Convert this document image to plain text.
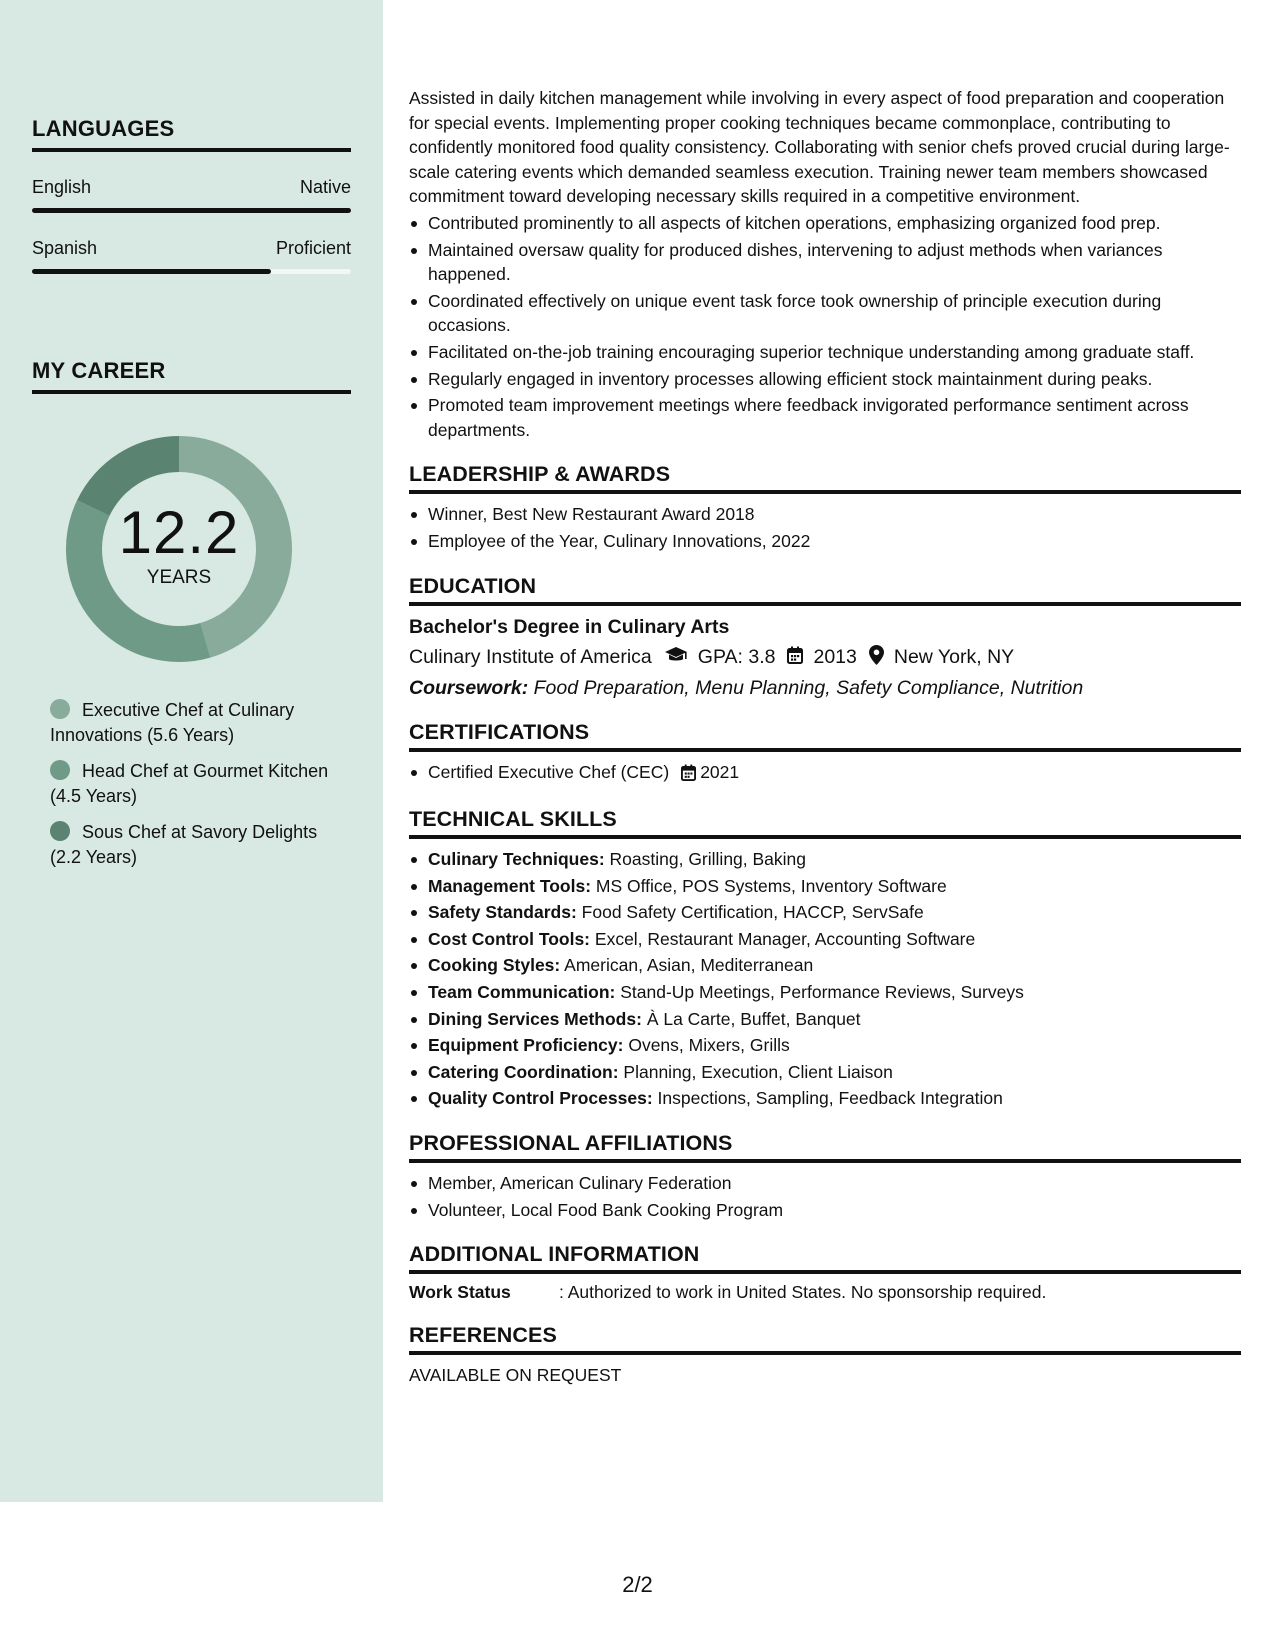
LANGUAGES
English	Native
Spanish	Proficient
MY CAREER
12.2
YEARS
Executive Chef at Culinary Innovations (5.6 Years)
Head Chef at Gourmet Kitchen (4.5 Years)
Sous Chef at Savory Delights (2.2 Years)

Assisted in daily kitchen management while involving in every aspect of food preparation and cooperation for special events. Implementing proper cooking techniques became commonplace, contributing to confidently monitored food quality consistency. Collaborating with senior chefs proved crucial during large-scale catering events which demanded seamless execution. Training newer team members showcased commitment toward developing necessary skills required in a competitive environment.

Contributed prominently to all aspects of kitchen operations, emphasizing organized food prep.
Maintained oversaw quality for produced dishes, intervening to adjust methods when variances happened.
Coordinated effectively on unique event task force took ownership of principle execution during occasions.
Facilitated on-the-job training encouraging superior technique understanding among graduate staff.
Regularly engaged in inventory processes allowing efficient stock maintainment during peaks.
Promoted team improvement meetings where feedback invigorated performance sentiment across departments.
LEADERSHIP & AWARDS
Winner, Best New Restaurant Award 2018
Employee of the Year, Culinary Innovations, 2022
EDUCATION
Bachelor's Degree in Culinary Arts
Culinary Institute of America GPA: 3.8 2013 New York, NY
Coursework: Food Preparation, Menu Planning, Safety Compliance, Nutrition
CERTIFICATIONS
Certified Executive Chef (CEC) 2021
TECHNICAL SKILLS
Culinary Techniques: Roasting, Grilling, Baking
Management Tools: MS Office, POS Systems, Inventory Software
Safety Standards: Food Safety Certification, HACCP, ServSafe
Cost Control Tools: Excel, Restaurant Manager, Accounting Software
Cooking Styles: American, Asian, Mediterranean
Team Communication: Stand-Up Meetings, Performance Reviews, Surveys
Dining Services Methods: À La Carte, Buffet, Banquet
Equipment Proficiency: Ovens, Mixers, Grills
Catering Coordination: Planning, Execution, Client Liaison
Quality Control Processes: Inspections, Sampling, Feedback Integration
PROFESSIONAL AFFILIATIONS
Member, American Culinary Federation
Volunteer, Local Food Bank Cooking Program
ADDITIONAL INFORMATION
Work Status	: Authorized to work in United States. No sponsorship required.
REFERENCES
AVAILABLE ON REQUEST
2/2
